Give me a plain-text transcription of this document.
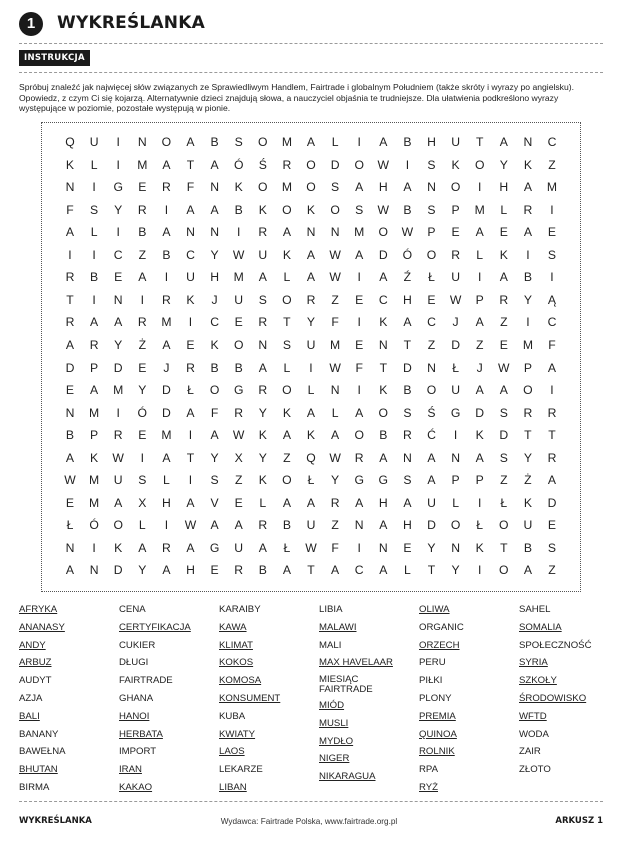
1	WYKREŚLANKA
INSTRUKCJA
Spróbuj znaleźć jak najwięcej słów związanych ze Sprawiedliwym Handlem, Fairtrade i globalnym Południem (także skróty i wyrazy po angielsku). Opowiedz, z czym Ci się kojarzą. Alternatywnie dzieci znajdują słowa, a nauczyciel objaśnia te trudniejsze. Dla ułatwienia podkreślono wyrazy występujące w poziomie, pozostałe występują w pionie.
Q	U	I	N	O	A	B	S	O	M	A	L	I	A	B	H	U	T	A	N	C
K	L	I	M	A	T	A	Ó	Ś	R	O	D	O	W	I	S	K	O	Y	K	Z
N	I	G	E	R	F	N	K	O	M	O	S	A	H	A	N	O	I	H	A	M
F	S	Y	R	I	A	A	B	K	O	K	O	S	W	B	S	P	M	L	R	I
A	L	I	B	A	N	N	I	R	A	N	N	M	O	W	P	E	A	E	A	E
I	I	C	Z	B	C	Y	W	U	K	A	W	A	D	Ó	O	R	L	K	I	S
R	B	E	A	I	U	H	M	A	L	A	W	I	A	Ź	Ł	U	I	A	B	I
T	I	N	I	R	K	J	U	S	O	R	Z	E	C	H	E	W	P	R	Y	Ą
R	A	A	R	M	I	C	E	R	T	Y	F	I	K	A	C	J	A	Z	I	C
A	R	Y	Ż	A	E	K	O	N	S	U	M	E	N	T	Z	D	Z	E	M	F
D	P	D	E	J	R	B	B	A	L	I	W	F	T	D	N	Ł	J	W	P	A
E	A	M	Y	D	Ł	O	G	R	O	L	N	I	K	B	O	U	A	A	O	I
N	M	I	Ó	D	A	F	R	Y	K	A	L	A	O	S	Ś	G	D	S	R	R
B	P	R	E	M	I	A	W	K	A	K	A	O	B	R	Ć	I	K	D	T	T
A	K	W	I	A	T	Y	X	Y	Z	Q	W	R	A	N	A	N	A	S	Y	R
W	M	U	S	L	I	S	Z	K	O	Ł	Y	G	G	S	A	P	P	Z	Ż	A
E	M	A	X	H	A	V	E	L	A	A	R	A	H	A	U	L	I	Ł	K	D
Ł	Ó	O	L	I	W	A	A	R	B	U	Z	N	A	H	D	O	Ł	O	U	E
N	I	K	A	R	A	G	U	A	Ł	W	F	I	N	E	Y	N	K	T	B	S
A	N	D	Y	A	H	E	R	B	A	T	A	C	A	L	T	Y	I	O	A	Z
AFRYKA
ANANASY
ANDY
ARBUZ
AUDYT
AZJA
BALI
BANANY
BAWEŁNA
BHUTAN
BIRMA
CENA
CERTYFIKACJA
CUKIER
DŁUGI
FAIRTRADE
GHANA
HANOI
HERBATA
IMPORT
IRAN
KAKAO
KARAIBY
KAWA
KLIMAT
KOKOS
KOMOSA
KONSUMENT
KUBA
KWIATY
LAOS
LEKARZE
LIBAN
LIBIA
MALAWI
MALI
MAX HAVELAAR
MIESIĄC FAIRTRADE
MIÓD
MUSLI
MYDŁO
NIGER
NIKARAGUA
OLIWA
ORGANIC
ORZECH
PERU
PIŁKI
PLONY
PREMIA
QUINOA
ROLNIK
RPA
RYŻ
SAHEL
SOMALIA
SPOŁECZNOŚĆ
SYRIA
SZKOŁY
ŚRODOWISKO
WFTD
WODA
ZAIR
ZŁOTO
WYKREŚLANKA	Wydawca: Fairtrade Polska, www.fairtrade.org.pl	ARKUSZ 1
